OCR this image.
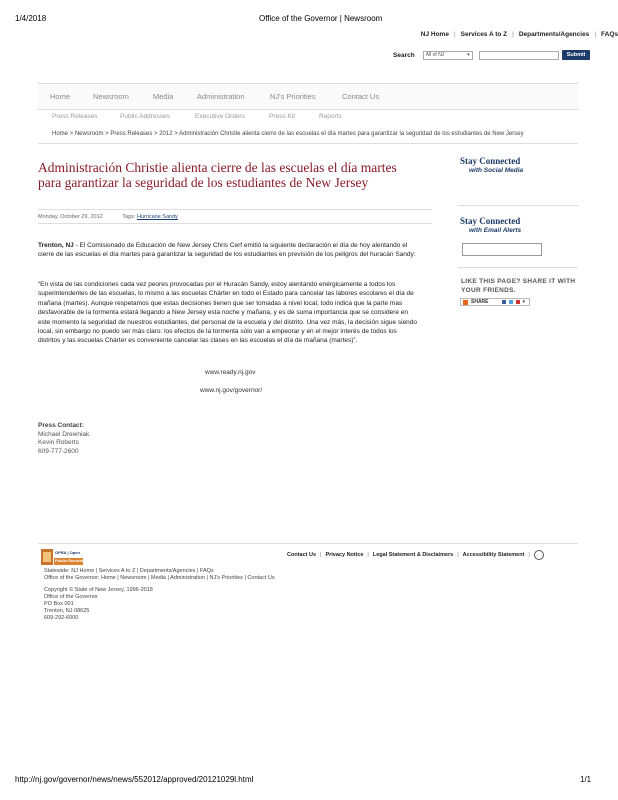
1/4/2018	Office of the Governor | Newsroom
NJ Home | Services A to Z | Departments/Agencies | FAQs
Search All of NJ	▾	Submit
Home	Newsroom	Media	Administration	NJ's Priorities	Contact Us
Press Releases	Public Addresses	Executive Orders	Press Kit	Reports
Home > Newsroom > Press Releases > 2012 > Administración Christie alienta cierre de las escuelas el día martes para garantizar la seguridad de los estudiantes de New Jersey
Administración Christie alienta cierre de las escuelas el día martes para garantizar la seguridad de los estudiantes de New Jersey
Monday, October 29, 2012	Tags: Hurricane Sandy
Trenton, NJ - El Comisionado de Educación de New Jersey Chris Cerf emitió la siguiente declaración el día de hoy alentando el cierre de las escuelas el día martes para garantizar la seguridad de los estudiantes en previsión de los peligros del huracán Sandy:
“En vista de las condiciones cada vez peores provocadas por el Huracán Sandy, estoy alentando enérgicamente a todos los superintendentes de las escuelas, lo mismo a las escuelas Chárter en todo el Estado para cancelar las labores escolares el día de mañana (martes). Aunque respetamos que estas decisiones tienen que ser tomadas a nivel local, todo indica que la parte mas desfavorable de la tormenta estará llegando a New Jersey esta noche y mañana, y es de suma importancia que se considere en este momento la seguridad de nuestros estudiantes, del personal de la escuela y del distrito. Una vez más, la decisión sigue siendo local, sin embargo no puedo ser más claro: los efectos de la tormenta sólo van a empeorar y en el mejor interés de todos los distritos y las escuelas Chárter es conveniente cancelar las clases en las escuelas el día de mañana (martes)”.
www.ready.nj.gov
www.nj.gov/governor/
Press Contact:
Michael Drewniak
Kevin Roberts
609-777-2600
Stay Connected
with Social Media
Stay Connected
with Email Alerts
LIKE THIS PAGE? SHARE IT WITH YOUR FRIENDS.
SHARE	▾
OPRA | Open
Public Records Act
Contact Us | Privacy Notice | Legal Statement & Disclaimers | Accessibility Statement |
Statewide: NJ Home | Services A to Z | Departments/Agencies | FAQs
Office of the Governor: Home | Newsroom | Media | Administration | NJ's Priorities | Contact Us
Copyright © State of New Jersey, 1996-2018
Office of the Governor
PO Box 001
Trenton, NJ 08625
609-292-6000
http://nj.gov/governor/news/news/552012/approved/20121029l.html	1/1
